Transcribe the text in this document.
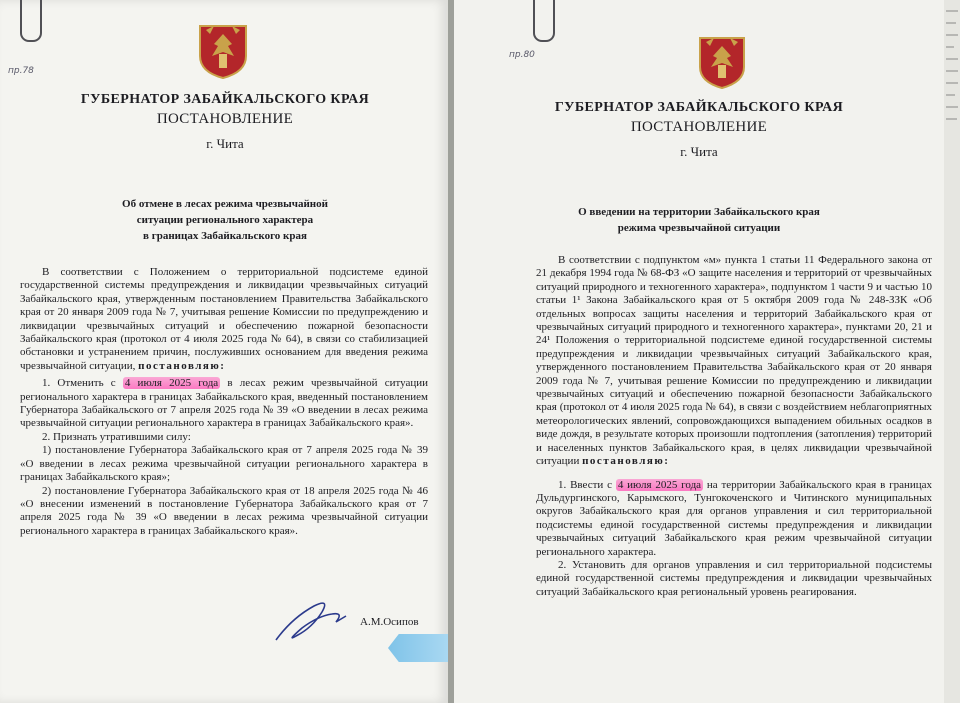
пр.78
ГУБЕРНАТОР ЗАБАЙКАЛЬСКОГО КРАЯ
ПОСТАНОВЛЕНИЕ
г. Чита
Об отмене в лесах режима чрезвычайной
ситуации регионального характера
в границах Забайкальского края

В соответствии с Положением о территориальной подсистеме единой государственной системы предупреждения и ликвидации чрезвычайных ситуаций Забайкальского края, утвержденным постановлением Правительства Забайкальского края от 20 января 2009 года № 7, учитывая решение Комиссии по предупреждению и ликвидации чрезвычайных ситуаций и обеспечению пожарной безопасности Забайкальского края (протокол от 4 июля 2025 года № 64), в связи со стабилизацией обстановки и устранением причин, послуживших основанием для введения режима чрезвычайной ситуации, постановляю:

1. Отменить с 4 июля 2025 года в лесах режим чрезвычайной ситуации регионального характера в границах Забайкальского края, введенный постановлением Губернатора Забайкальского от 7 апреля 2025 года № 39 «О введении в лесах режима чрезвычайной ситуации регионального характера в границах Забайкальского края».

2. Признать утратившими силу:

1) постановление Губернатора Забайкальского края от 7 апреля 2025 года № 39 «О введении в лесах режима чрезвычайной ситуации регионального характера в границах Забайкальского края»;

2) постановление Губернатора Забайкальского края от 18 апреля 2025 года № 46 «О внесении изменений в постановление Губернатора Забайкальского края от 7 апреля 2025 года № 39 «О введении в лесах режима чрезвычайной ситуации регионального характера в границах Забайкальского края».

А.М.Осипов
ГУБЕРНАТОР ЗАБАЙКАЛЬСКОГО КРАЯ
ПОСТАНОВЛЕНИЕ
г. Чита
О введении на территории Забайкальского края
режима чрезвычайной ситуации

В соответствии с подпунктом «м» пункта 1 статьи 11 Федерального закона от 21 декабря 1994 года № 68-ФЗ «О защите населения и территорий от чрезвычайных ситуаций природного и техногенного характера», подпунктом 1 части 9 и частью 10 статьи 1¹ Закона Забайкальского края от 5 октября 2009 года № 248-ЗЗК «Об отдельных вопросах защиты населения и территорий Забайкальского края от чрезвычайных ситуаций природного и техногенного характера», пунктами 20, 21 и 24¹ Положения о территориальной подсистеме единой государственной системы предупреждения и ликвидации чрезвычайных ситуаций Забайкальского края, утвержденного постановлением Правительства Забайкальского края от 20 января 2009 года № 7, учитывая решение Комиссии по предупреждению и ликвидации чрезвычайных ситуаций и обеспечению пожарной безопасности Забайкальского края (протокол от 4 июля 2025 года № 64), в связи с воздействием неблагоприятных метеорологических явлений, сопровождающихся выпадением обильных осадков в виде дождя, в результате которых произошли подтопления (затопления) территорий и населенных пунктов Забайкальского края, в целях ликвидации чрезвычайной ситуации постановляю:

1. Ввести с 4 июля 2025 года на территории Забайкальского края в границах Дульдургинского, Карымского, Тунгокоченского и Читинского муниципальных округов Забайкальского края для органов управления и сил территориальной подсистемы единой государственной системы предупреждения и ликвидации чрезвычайных ситуаций Забайкальского края режим чрезвычайной ситуации регионального характера.

2. Установить для органов управления и сил территориальной подсистемы единой государственной системы предупреждения и ликвидации чрезвычайных ситуаций Забайкальского края региональный уровень реагирования.

пр.80
